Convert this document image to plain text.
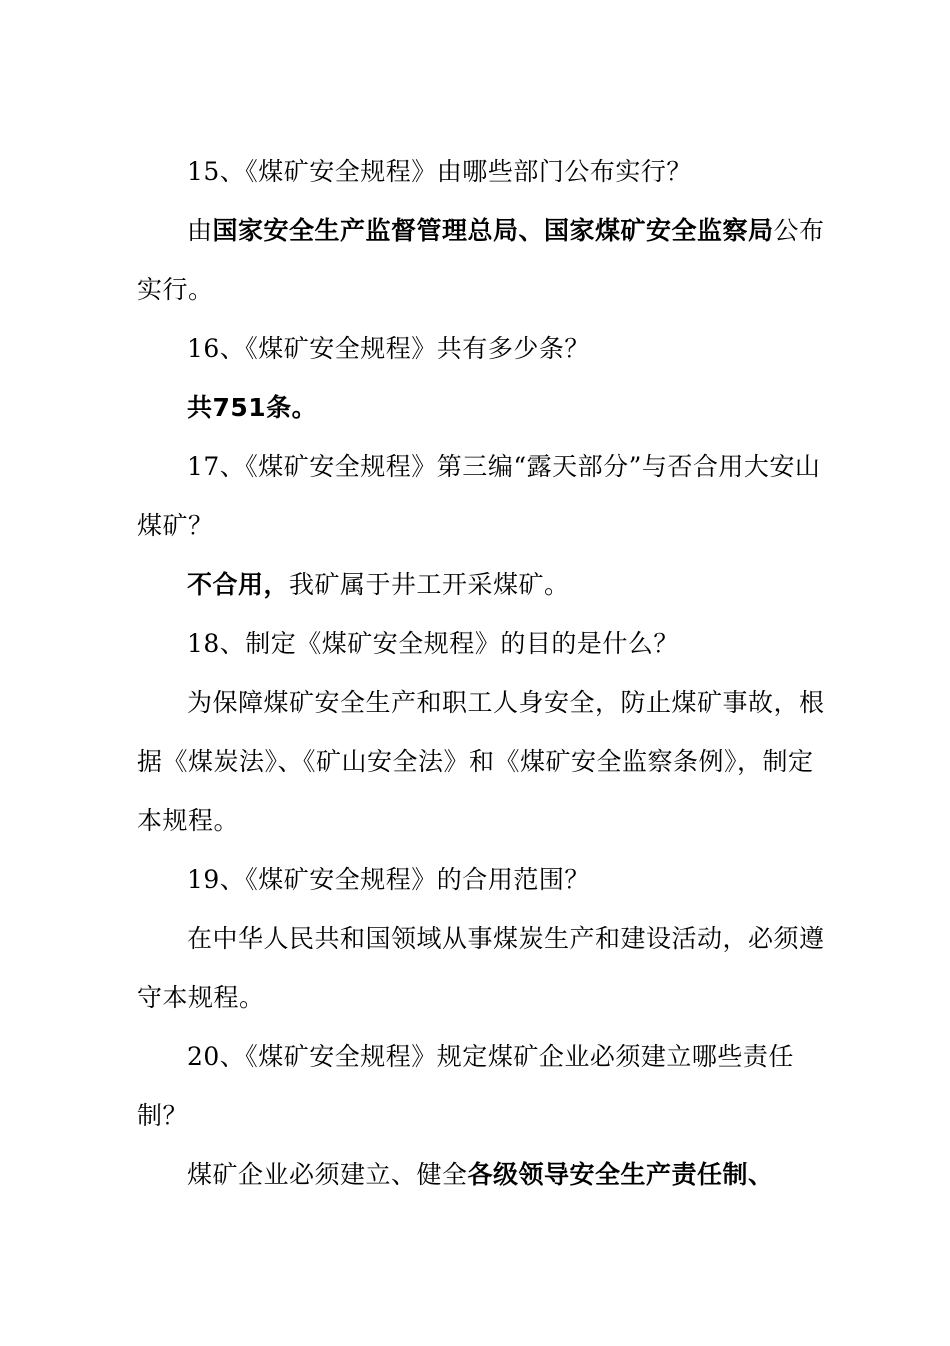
15、《煤矿安全规程》由哪些部门公布实行？

由国家安全生产监督管理总局、国家煤矿安全监察局公布实行。

16、《煤矿安全规程》共有多少条？

共751条。

17、《煤矿安全规程》第三编“露天部分”与否合用大安山煤矿？

不合用，我矿属于井工开采煤矿。

18、制定《煤矿安全规程》的目的是什么？

为保障煤矿安全生产和职工人身安全，防止煤矿事故，根据《煤炭法》、《矿山安全法》和《煤矿安全监察条例》，制定本规程。

19、《煤矿安全规程》的合用范围？

在中华人民共和国领域从事煤炭生产和建设活动，必须遵守本规程。

20、《煤矿安全规程》规定煤矿企业必须建立哪些责任制？

煤矿企业必须建立、健全各级领导安全生产责任制、
